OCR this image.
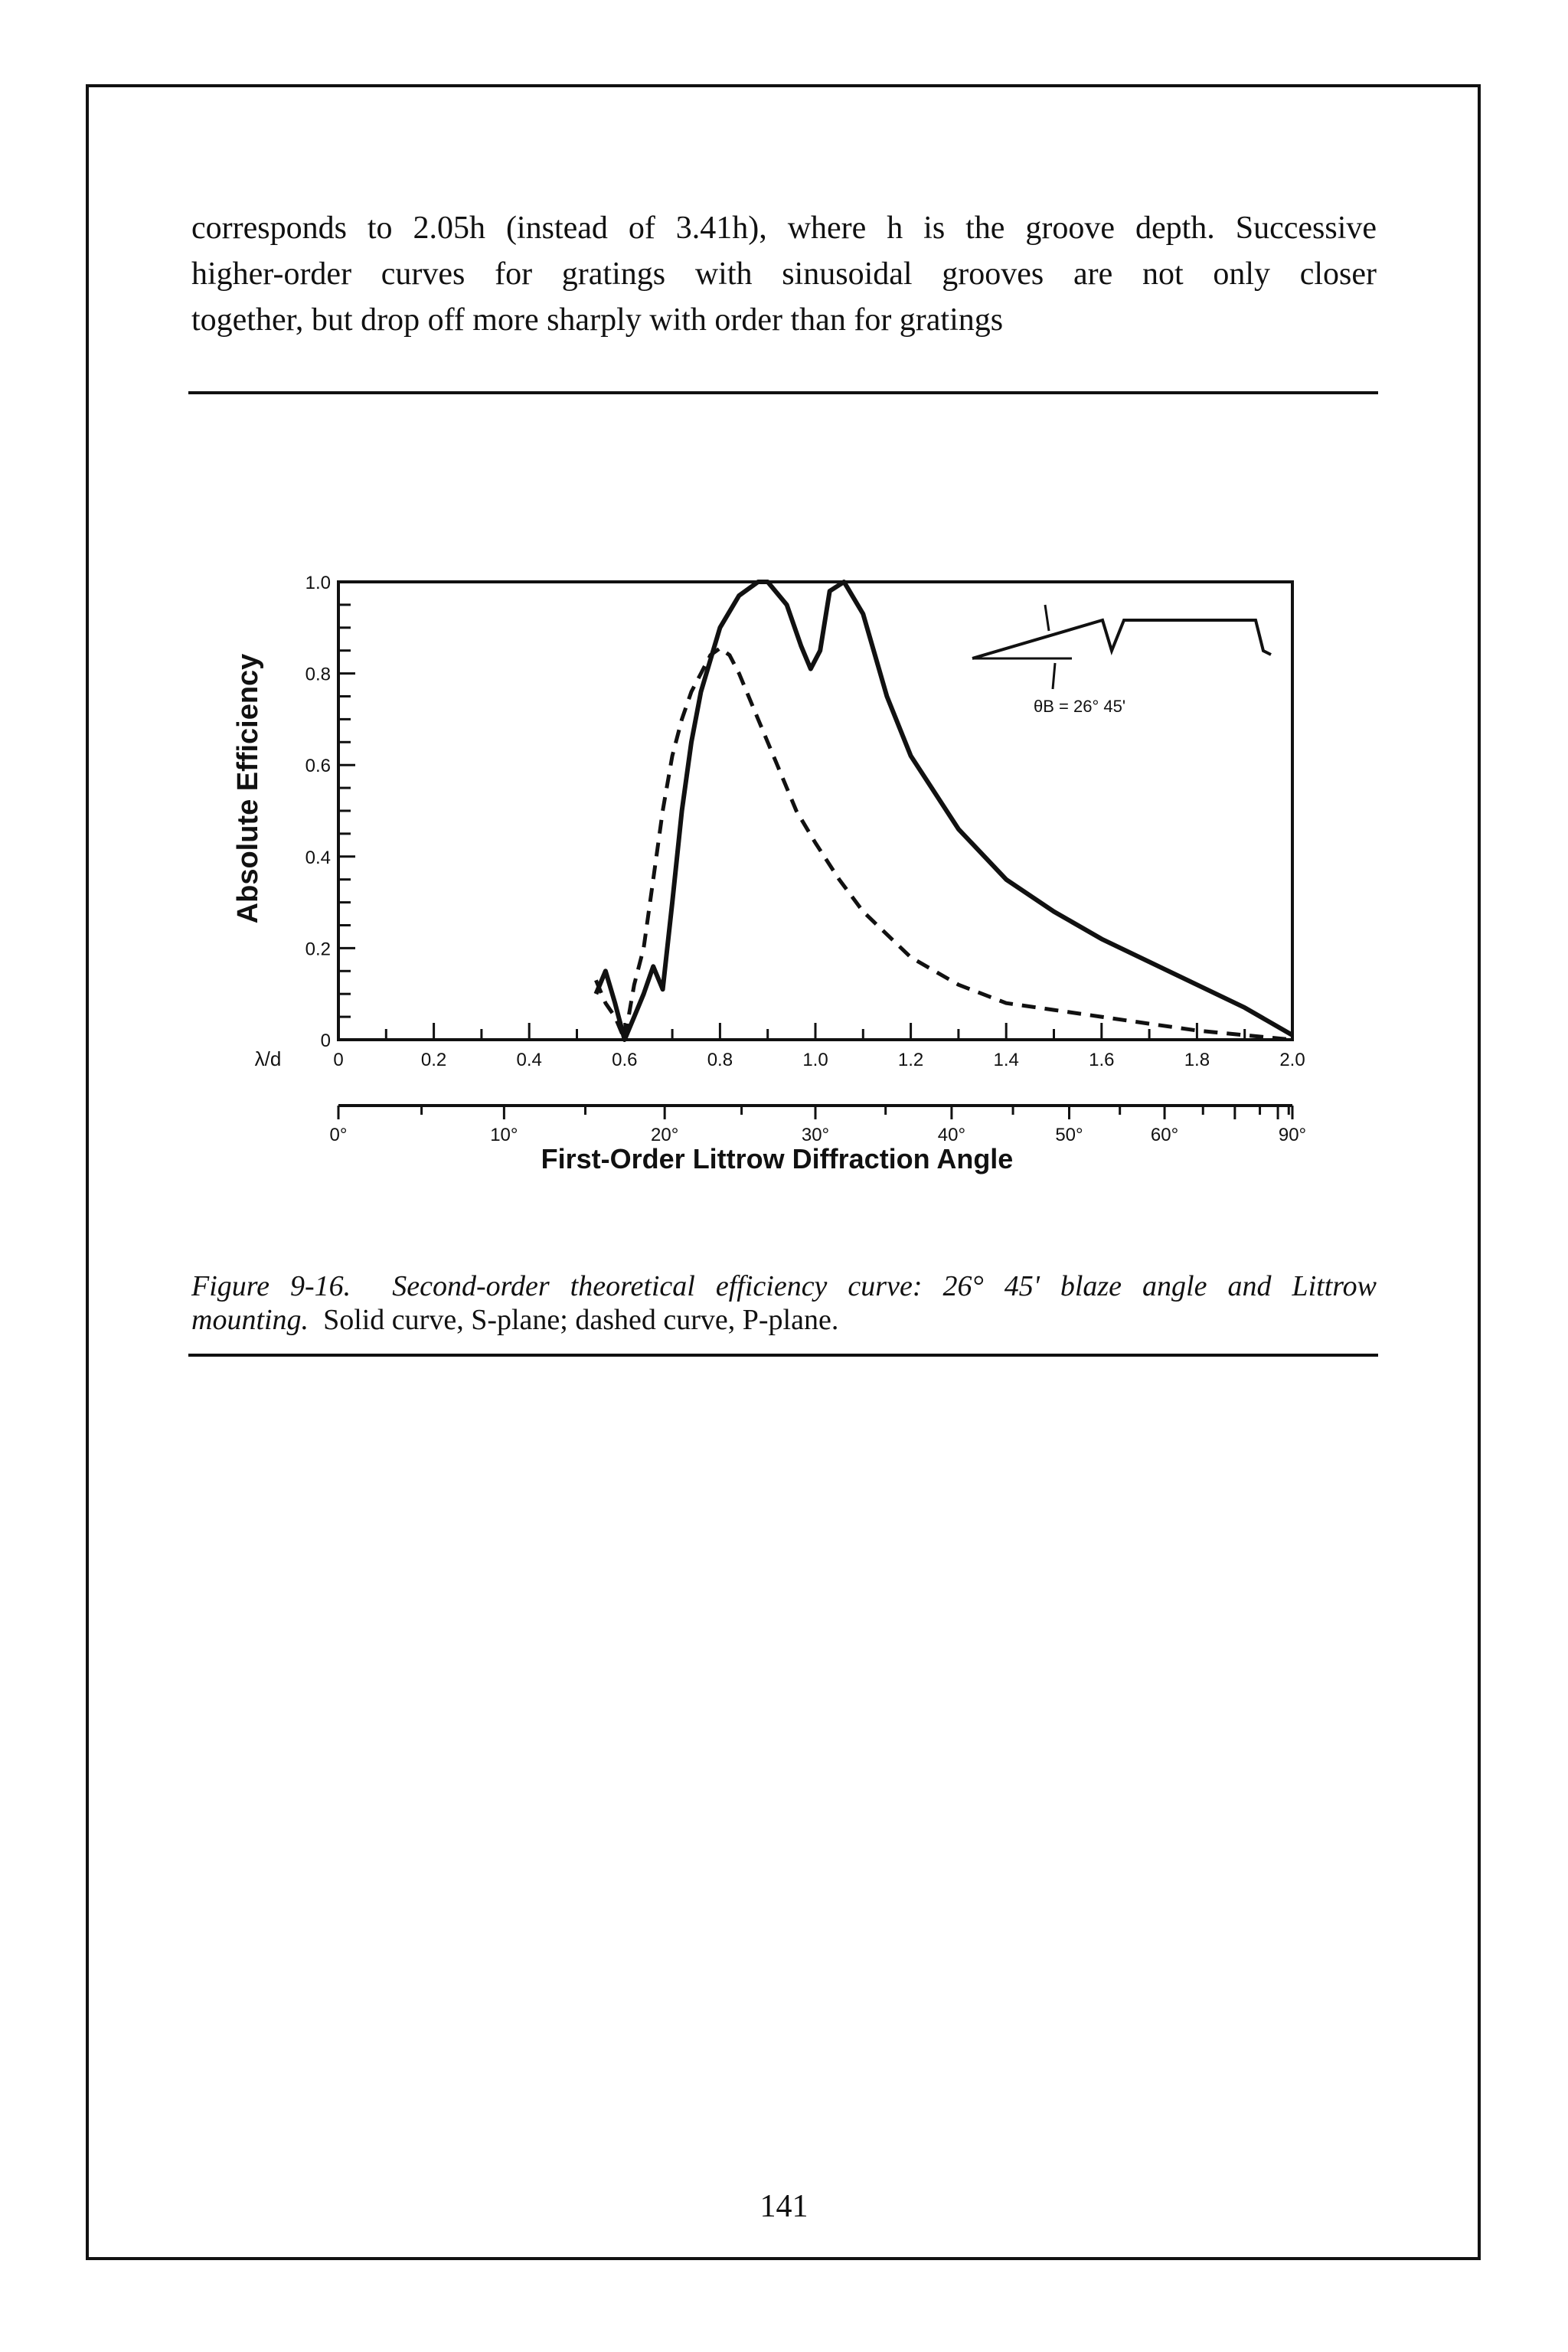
corresponds to 2.05h (instead of 3.41h), where h is the groove depth. Successive
higher-order curves for gratings with sinusoidal grooves are not only closer
together, but drop off more sharply with order than for gratings
0
0.2
0.4
0.6
0.8
1.0
0	0.2	0.4	0.6	0.8	1.0	1.2	1.4	1.6	1.8	2.0
0°	10°	20°	30°	40°	50°	60°	90°
Absolute Efficiency
λ/d
First-Order Littrow Diffraction Angle
θB = 26° 45'
Figure 9-16. Second-order theoretical efficiency curve: 26° 45' blaze angle and Littrow
mounting. Solid curve, S-plane; dashed curve, P-plane.
141
